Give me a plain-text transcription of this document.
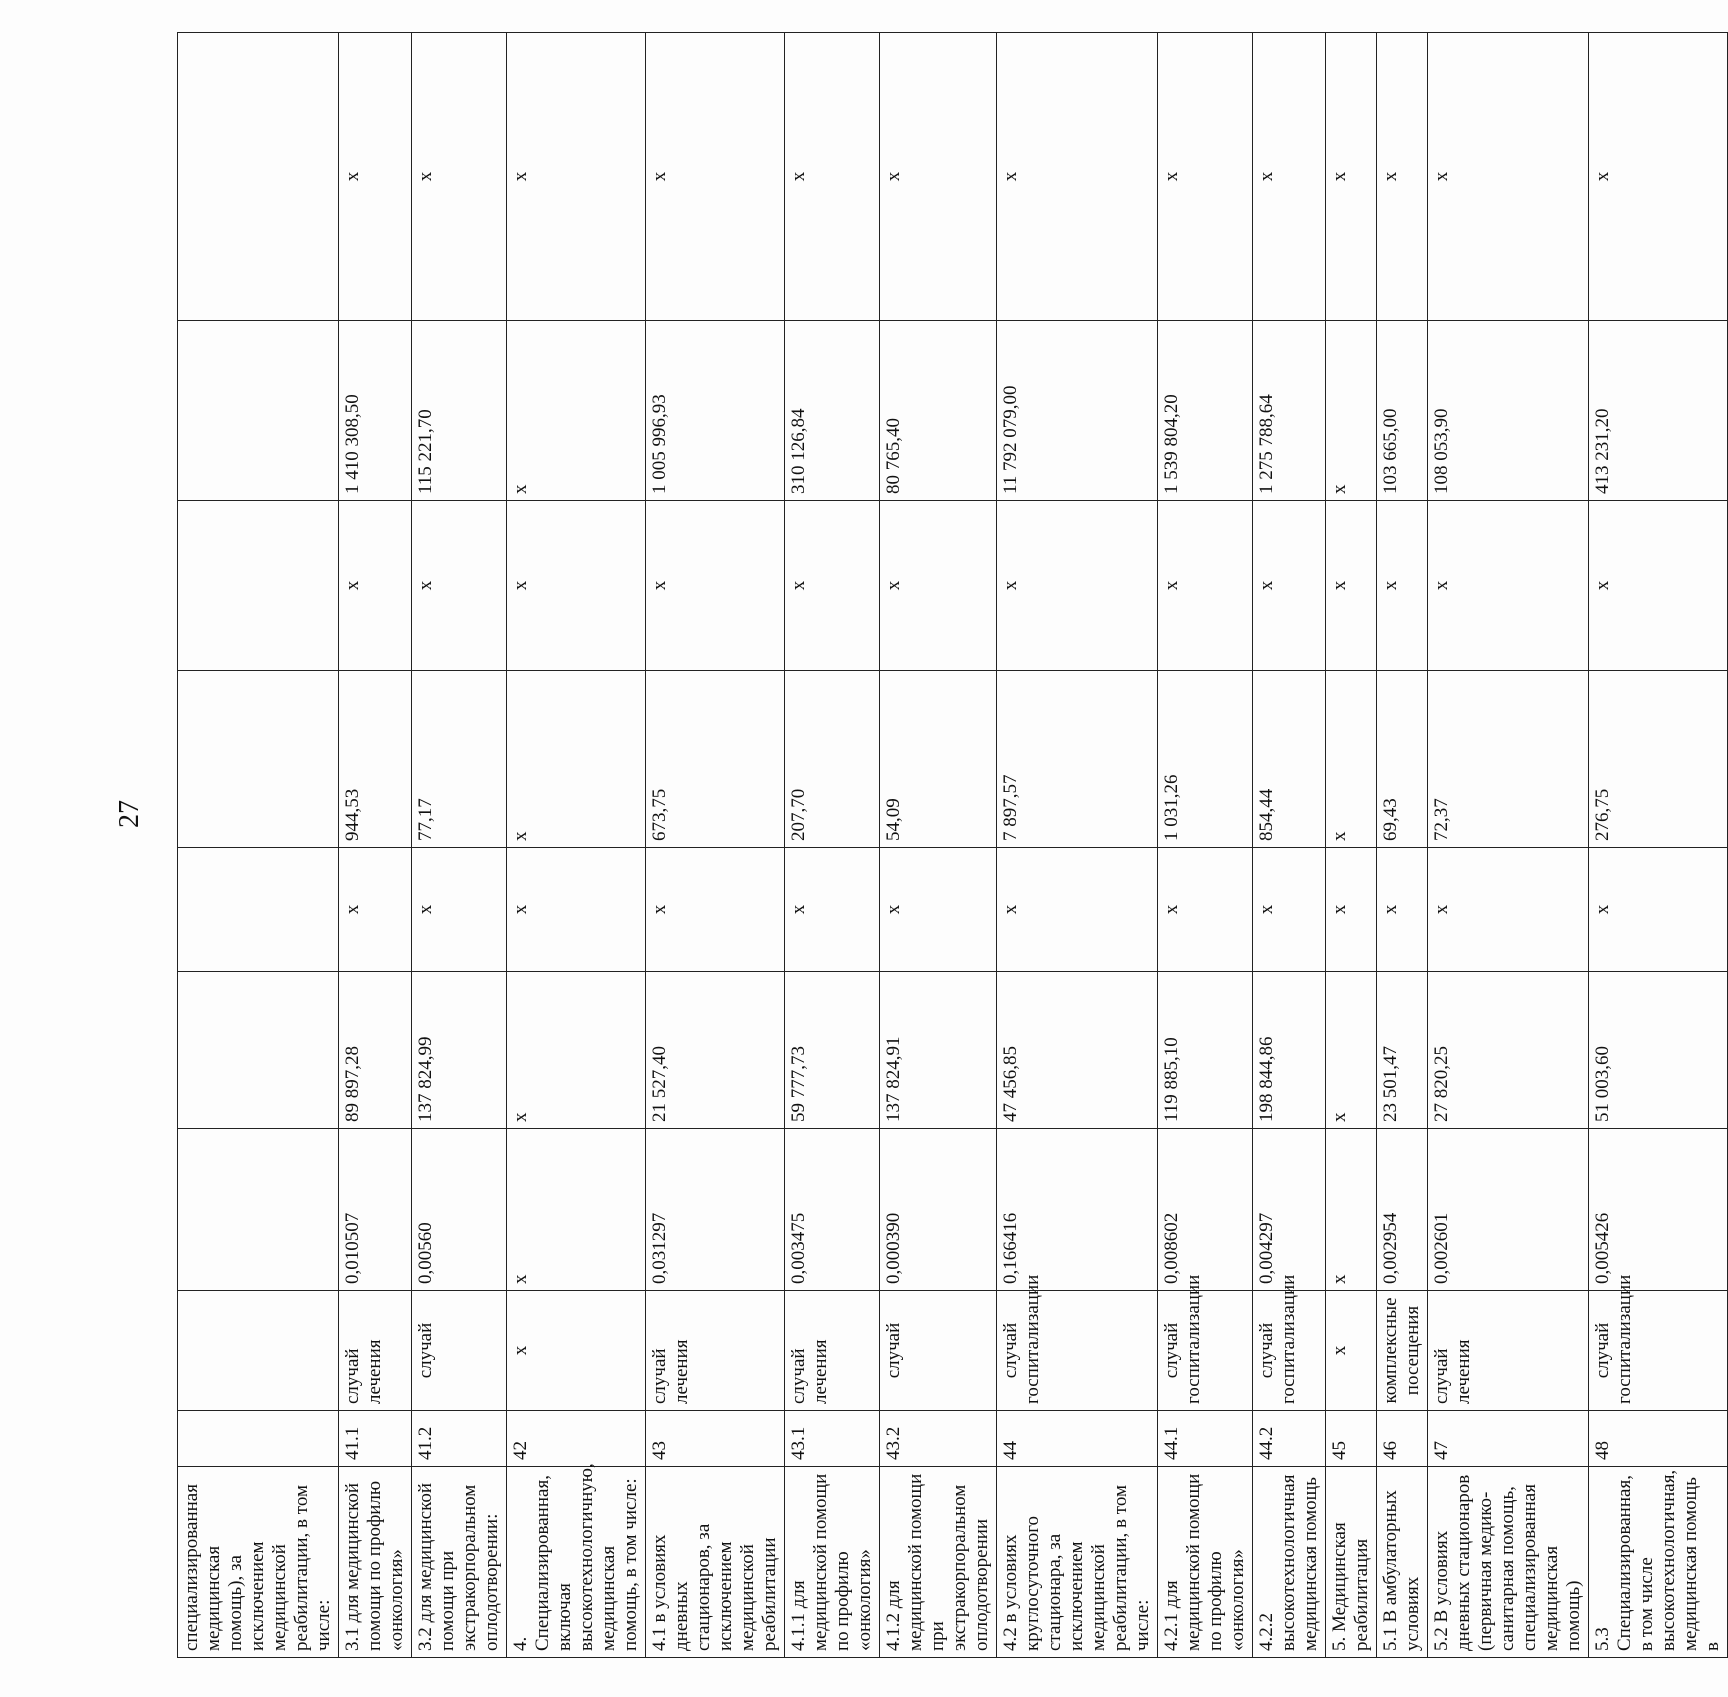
27
специализированная медицинская помощь), за исключением медицинской реабилитации, в том числе:									
3.1 для медицинской помощи по профилю «онкология»	41.1	случай лечения	0,010507	89 897,28	х	944,53	х	1 410 308,50	х
3.2 для медицинской помощи при экстракорпоральном оплодотворении:	41.2	случай	0,00560	137 824,99	х	77,17	х	115 221,70	х
4. Специализированная, включая высокотехнологичную, медицинская помощь, в том числе:	42	х	х	х	х	х	х	х	х
4.1 в условиях дневных стационаров, за исключением медицинской реабилитации	43	случай лечения	0,031297	21 527,40	х	673,75	х	1 005 996,93	х
4.1.1 для медицинской помощи по профилю «онкология»	43.1	случай лечения	0,003475	59 777,73	х	207,70	х	310 126,84	х
4.1.2 для медицинской помощи при экстракорпоральном оплодотворении	43.2	случай	0,000390	137 824,91	х	54,09	х	80 765,40	х
4.2 в условиях круглосуточного стационара, за исключением медицинской реабилитации, в том числе:	44	случай госпитализации	0,166416	47 456,85	х	7 897,57	х	11 792 079,00	х
4.2.1 для медицинской помощи по профилю «онкология»	44.1	случай госпитализации	0,008602	119 885,10	х	1 031,26	х	1 539 804,20	х
4.2.2 высокотехнологичная медицинская помощь	44.2	случай госпитализации	0,004297	198 844,86	х	854,44	х	1 275 788,64	х
5. Медицинская реабилитация	45	х	х	х	х	х	х	х	х
5.1 В амбулаторных условиях	46	комплексные посещения	0,002954	23 501,47	х	69,43	х	103 665,00	х
5.2 В условиях дневных стационаров (первичная медико-санитарная помощь, специализированная медицинская помощь)	47	случай лечения	0,002601	27 820,25	х	72,37	х	108 053,90	х
5.3 Специализированная, в том числе высокотехнологичная, медицинская помощь в	48	случай госпитализации	0,005426	51 003,60	х	276,75	х	413 231,20	х
